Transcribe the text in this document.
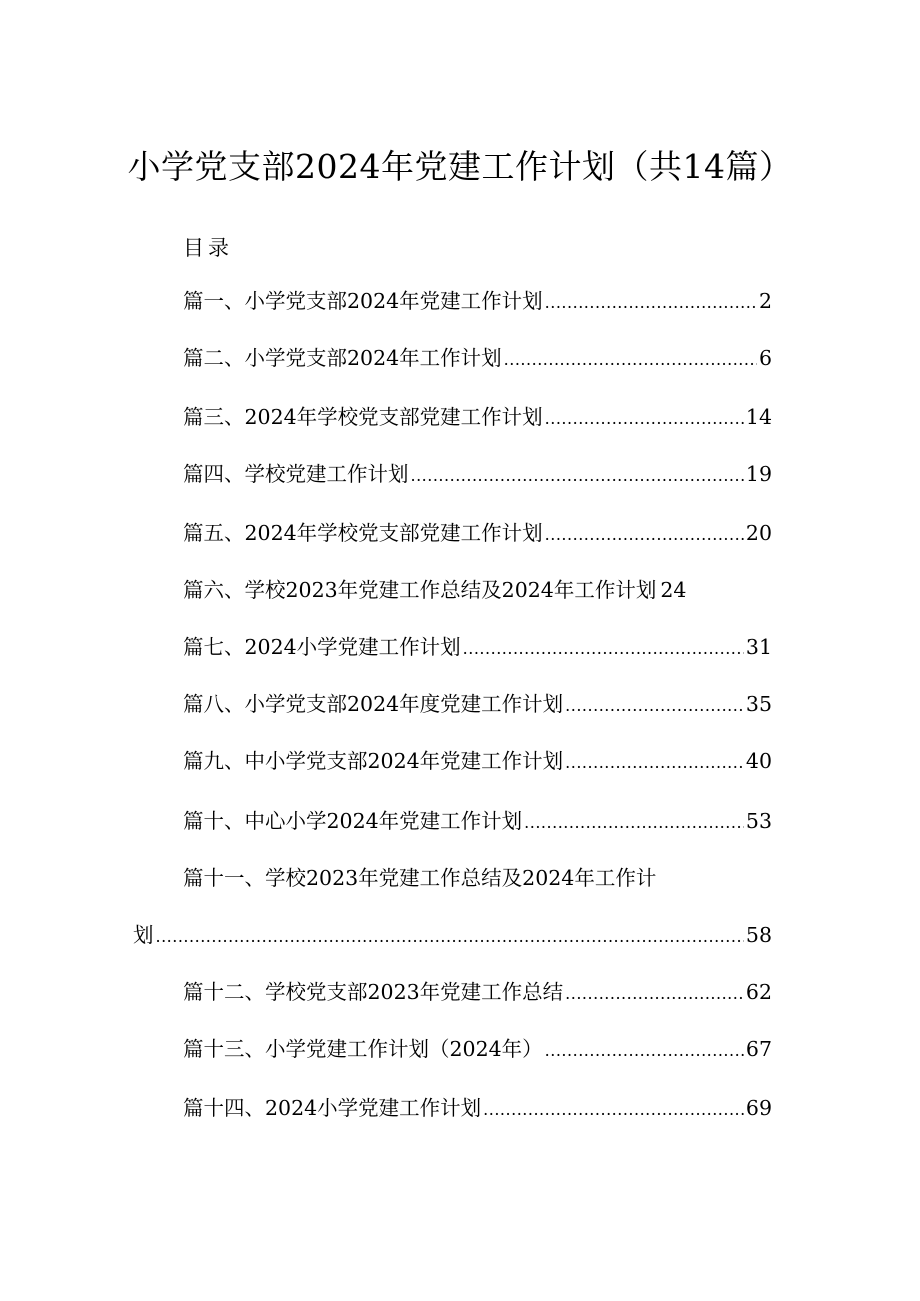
小学党支部2024年党建工作计划（共14篇）
目录
篇一、小学党支部2024年党建工作计划 .....	2
篇二、小学党支部2024年工作计划 .....	6
篇三、2024年学校党支部党建工作计划 .....	14
篇四、学校党建工作计划 .....	19
篇五、2024年学校党支部党建工作计划 .....	20
篇六、学校2023年党建工作总结及2024年工作计划 24
篇七、2024小学党建工作计划 .....	31
篇八、小学党支部2024年度党建工作计划 .....	35
篇九、中小学党支部2024年党建工作计划 .....	40
篇十、中心小学2024年党建工作计划 .....	53
篇十一、学校2023年党建工作总结及2024年工作计
划 .....	58
篇十二、学校党支部2023年党建工作总结 .....	62
篇十三、小学党建工作计划（2024年） .....	67
篇十四、2024小学党建工作计划 .....	69
